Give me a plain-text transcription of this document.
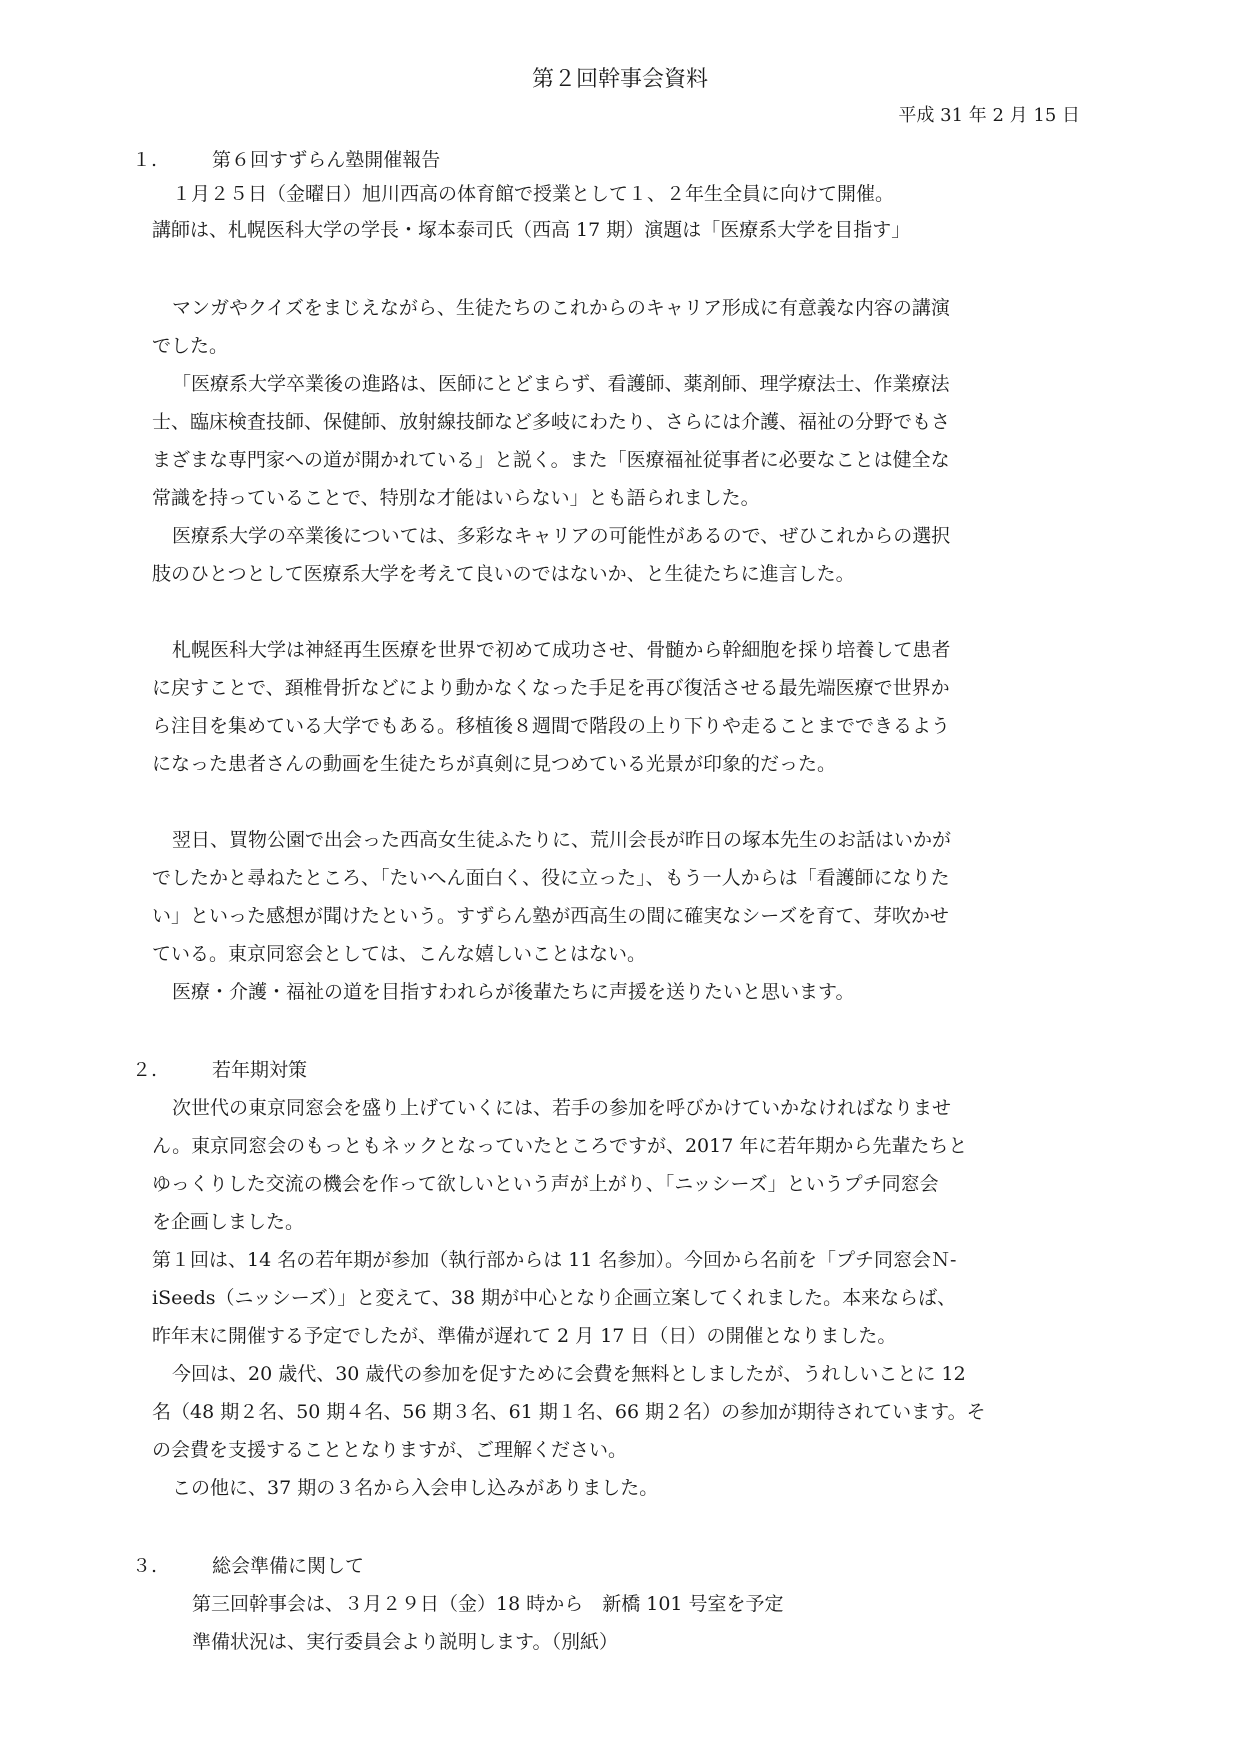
第２回幹事会資料
平成 31 年 2 月 15 日
１.	第６回すずらん塾開催報告
１月２５日（金曜日）旭川西高の体育館で授業として１、２年生全員に向けて開催。
講師は、札幌医科大学の学長・塚本泰司氏（西高 17 期）演題は「医療系大学を目指す」
マンガやクイズをまじえながら、生徒たちのこれからのキャリア形成に有意義な内容の講演
でした。
「医療系大学卒業後の進路は、医師にとどまらず、看護師、薬剤師、理学療法士、作業療法
士、臨床検査技師、保健師、放射線技師など多岐にわたり、さらには介護、福祉の分野でもさ
まざまな専門家への道が開かれている」と説く。また「医療福祉従事者に必要なことは健全な
常識を持っていることで、特別な才能はいらない」とも語られました。
医療系大学の卒業後については、多彩なキャリアの可能性があるので、ぜひこれからの選択
肢のひとつとして医療系大学を考えて良いのではないか、と生徒たちに進言した。
札幌医科大学は神経再生医療を世界で初めて成功させ、骨髄から幹細胞を採り培養して患者
に戻すことで、頚椎骨折などにより動かなくなった手足を再び復活させる最先端医療で世界か
ら注目を集めている大学でもある。移植後８週間で階段の上り下りや走ることまでできるよう
になった患者さんの動画を生徒たちが真剣に見つめている光景が印象的だった。
翌日、買物公園で出会った西高女生徒ふたりに、荒川会長が昨日の塚本先生のお話はいかが
でしたかと尋ねたところ、「たいへん面白く、役に立った」、もう一人からは「看護師になりた
い」といった感想が聞けたという。すずらん塾が西高生の間に確実なシーズを育て、芽吹かせ
ている。東京同窓会としては、こんな嬉しいことはない。
医療・介護・福祉の道を目指すわれらが後輩たちに声援を送りたいと思います。
２.	若年期対策
次世代の東京同窓会を盛り上げていくには、若手の参加を呼びかけていかなければなりませ
ん。東京同窓会のもっともネックとなっていたところですが、2017 年に若年期から先輩たちと
ゆっくりした交流の機会を作って欲しいという声が上がり、「ニッシーズ」というプチ同窓会
を企画しました。
第１回は、14 名の若年期が参加（執行部からは 11 名参加）。今回から名前を「プチ同窓会Ｎ-
iSeeds（ニッシーズ）」と変えて、38 期が中心となり企画立案してくれました。本来ならば、
昨年末に開催する予定でしたが、準備が遅れて 2 月 17 日（日）の開催となりました。
今回は、20 歳代、30 歳代の参加を促すために会費を無料としましたが、うれしいことに 12
名（48 期２名、50 期４名、56 期３名、61 期１名、66 期２名）の参加が期待されています。そ
の会費を支援することとなりますが、ご理解ください。
この他に、37 期の３名から入会申し込みがありました。
３.	総会準備に関して
第三回幹事会は、３月２９日（金）18 時から　新橋 101 号室を予定
準備状況は、実行委員会より説明します。（別紙）
